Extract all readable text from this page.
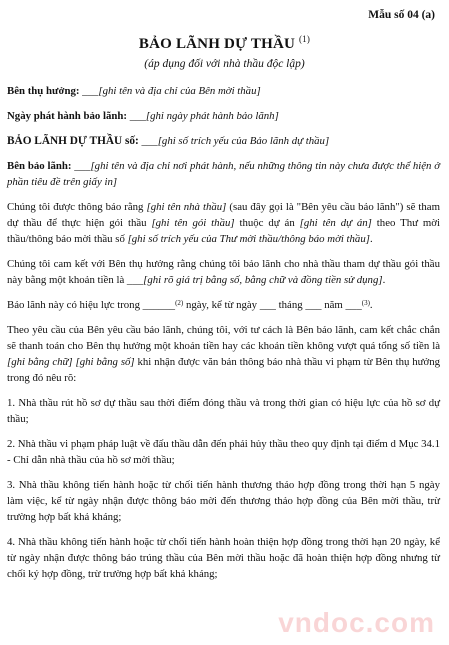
Mẫu số 04 (a)
BẢO LÃNH DỰ THẦU $^{(1)}$
(áp dụng đối với nhà thầu độc lập)

Bên thụ hưởng: ___[ghi tên và địa chỉ của Bên mời thầu]

Ngày phát hành bảo lãnh: ___[ghi ngày phát hành bảo lãnh]

BẢO LÃNH DỰ THẦU số: ___[ghi số trích yếu của Bảo lãnh dự thầu]

Bên bảo lãnh: ___[ghi tên và địa chỉ nơi phát hành, nếu những thông tin này chưa được thể hiện ở phần tiêu đề trên giấy in]

Chúng tôi được thông báo rằng [ghi tên nhà thầu] (sau đây gọi là "Bên yêu cầu bảo lãnh") sẽ tham dự thầu để thực hiện gói thầu [ghi tên gói thầu] thuộc dự án [ghi tên dự án] theo Thư mời thầu/thông báo mời thầu số [ghi số trích yếu của Thư mời thầu/thông báo mời thầu].

Chúng tôi cam kết với Bên thụ hưởng rằng chúng tôi bảo lãnh cho nhà thầu tham dự thầu gói thầu này bằng một khoản tiền là ___[ghi rõ giá trị bằng số, bằng chữ và đồng tiền sử dụng].

Bảo lãnh này có hiệu lực trong ______$^{(2)}$ ngày, kể từ ngày ___ tháng ___ năm ___$^{(3)}$.

Theo yêu cầu của Bên yêu cầu bảo lãnh, chúng tôi, với tư cách là Bên bảo lãnh, cam kết chắc chắn sẽ thanh toán cho Bên thụ hưởng một khoản tiền hay các khoản tiền không vượt quá tổng số tiền là [ghi bằng chữ] [ghi bằng số] khi nhận được văn bản thông báo nhà thầu vi phạm từ Bên thụ hưởng trong đó nêu rõ:

1. Nhà thầu rút hồ sơ dự thầu sau thời điểm đóng thầu và trong thời gian có hiệu lực của hồ sơ dự thầu;

2. Nhà thầu vi phạm pháp luật về đấu thầu dẫn đến phải hủy thầu theo quy định tại điểm d Mục 34.1 - Chỉ dẫn nhà thầu của hồ sơ mời thầu;

3. Nhà thầu không tiến hành hoặc từ chối tiến hành thương thảo hợp đồng trong thời hạn 5 ngày làm việc, kể từ ngày nhận được thông báo mời đến thương thảo hợp đồng của Bên mời thầu, trừ trường hợp bất khả kháng;

4. Nhà thầu không tiến hành hoặc từ chối tiến hành hoàn thiện hợp đồng trong thời hạn 20 ngày, kể từ ngày nhận được thông báo trúng thầu của Bên mời thầu hoặc đã hoàn thiện hợp đồng nhưng từ chối ký hợp đồng, trừ trường hợp bất khả kháng;

vndoc.com
